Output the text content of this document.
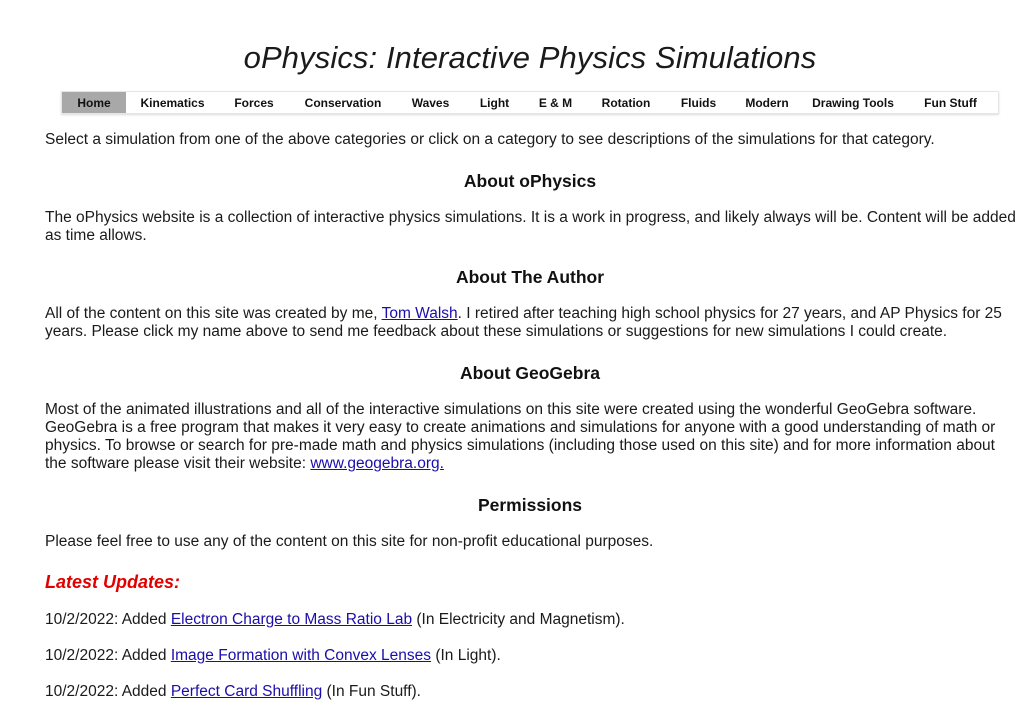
oPhysics: Interactive Physics Simulations
Home	Kinematics	Forces	Conservation	Waves	Light	E & M	Rotation	Fluids	Modern	Drawing Tools	Fun Stuff

Select a simulation from one of the above categories or click on a category to see descriptions of the simulations for that category.

About oPhysics

The oPhysics website is a collection of interactive physics simulations. It is a work in progress, and likely always will be. Content will be added as time allows.

About The Author

All of the content on this site was created by me, Tom Walsh. I retired after teaching high school physics for 27 years, and AP Physics for 25 years. Please click my name above to send me feedback about these simulations or suggestions for new simulations I could create.

About GeoGebra

Most of the animated illustrations and all of the interactive simulations on this site were created using the wonderful GeoGebra software. GeoGebra is a free program that makes it very easy to create animations and simulations for anyone with a good understanding of math or physics. To browse or search for pre-made math and physics simulations (including those used on this site) and for more information about the software please visit their website: www.geogebra.org.

Permissions

Please feel free to use any of the content on this site for non-profit educational purposes.

Latest Updates:

10/2/2022: Added Electron Charge to Mass Ratio Lab (In Electricity and Magnetism).

10/2/2022: Added Image Formation with Convex Lenses (In Light).

10/2/2022: Added Perfect Card Shuffling (In Fun Stuff).
